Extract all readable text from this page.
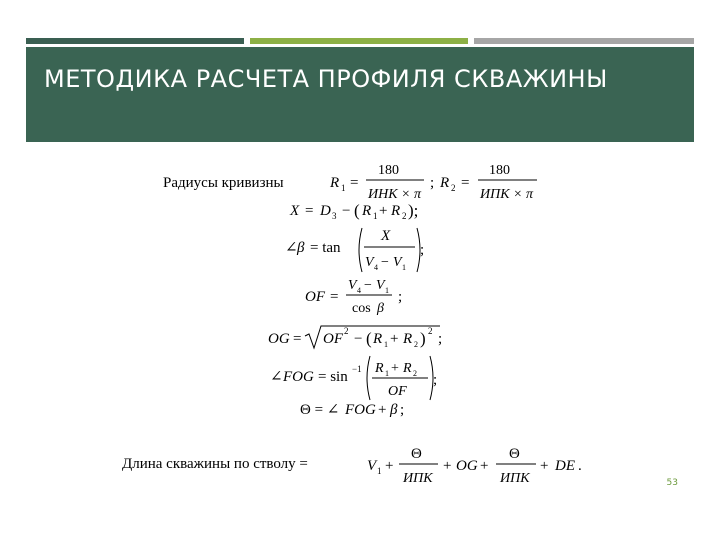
МЕТОДИКА РАСЧЕТА ПРОФИЛЯ СКВАЖИНЫ
Радиусы кривизны	R 1 =
180
ИНК × π
; R 2 =
180
ИПК × π
X = D 3 − ( R 1 + R 2 );
∠ β = tan
X
V 4 − V 1
;
OF =
V 4 − V 1
cos β
;
OG = OF 2 − ( R 1 + R 2 ) 2 ;
∠ FOG = sin −1 R 1 + R 2
OF
;
Θ = ∠ FOG + β ;
Длина скважины по стволу =	V 1 +
Θ
ИПК
+ OG +
Θ
ИПК
+ DE .
53
